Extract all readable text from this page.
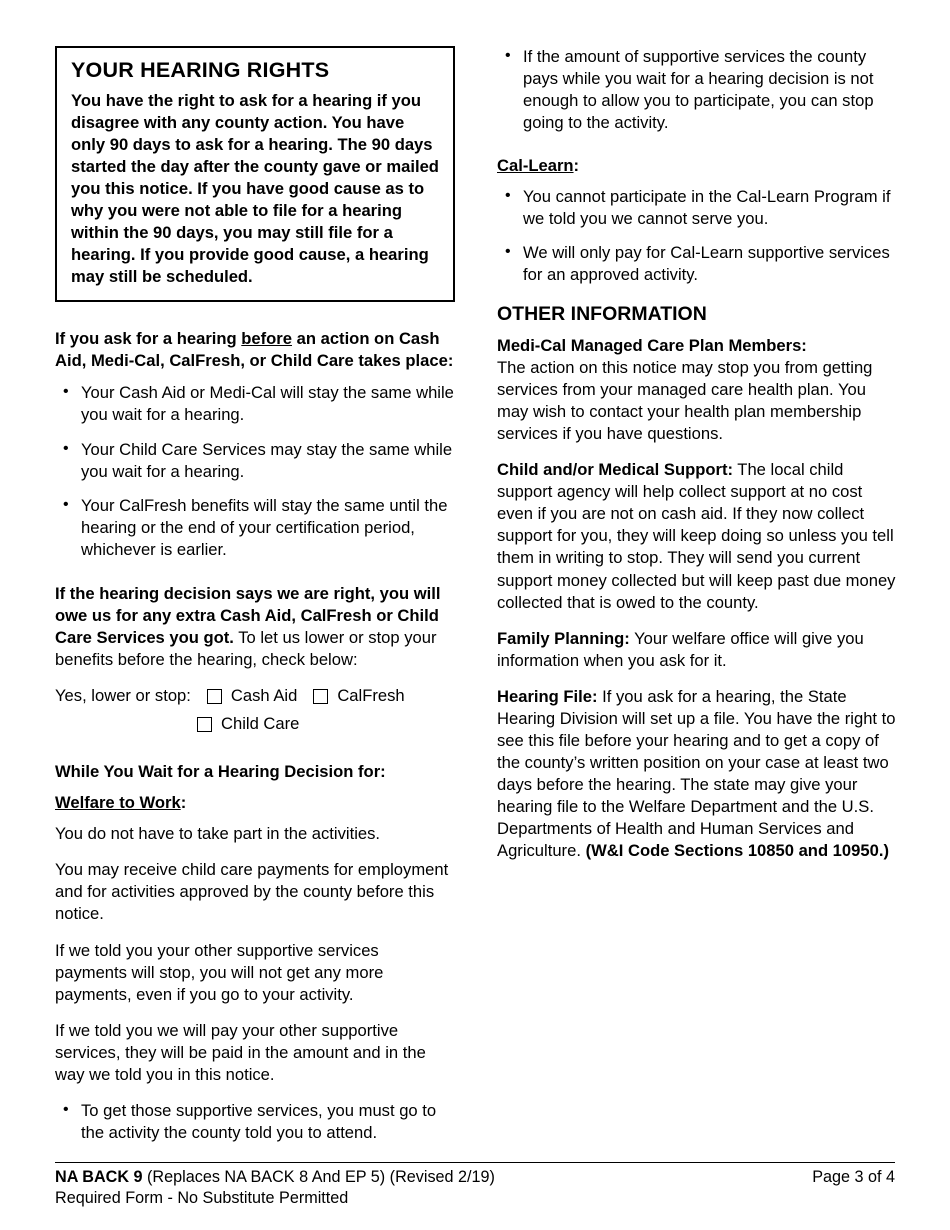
YOUR HEARING RIGHTS
You have the right to ask for a hearing if you disagree with any county action. You have only 90 days to ask for a hearing. The 90 days started the day after the county gave or mailed you this notice. If you have good cause as to why you were not able to file for a hearing within the 90 days, you may still file for a hearing. If you provide good cause, a hearing may still be scheduled.
If you ask for a hearing before an action on Cash Aid, Medi-Cal, CalFresh, or Child Care takes place:
• Your Cash Aid or Medi-Cal will stay the same while you wait for a hearing.
• Your Child Care Services may stay the same while you wait for a hearing.
• Your CalFresh benefits will stay the same until the hearing or the end of your certification period, whichever is earlier.

If the hearing decision says we are right, you will owe us for any extra Cash Aid, CalFresh or Child Care Services you got. To let us lower or stop your benefits before the hearing, check below:

Yes, lower or stop: Cash Aid CalFresh
Child Care
While You Wait for a Hearing Decision for:
Welfare to Work:

You do not have to take part in the activities.

You may receive child care payments for employment and for activities approved by the county before this notice.

If we told you your other supportive services payments will stop, you will not get any more payments, even if you go to your activity.

If we told you we will pay your other supportive services, they will be paid in the amount and in the way we told you in this notice.

• To get those supportive services, you must go to the activity the county told you to attend.
• If the amount of supportive services the county pays while you wait for a hearing decision is not enough to allow you to participate, you can stop going to the activity.
Cal-Learn:
• You cannot participate in the Cal-Learn Program if we told you we cannot serve you.
• We will only pay for Cal-Learn supportive services for an approved activity.
OTHER INFORMATION

Medi-Cal Managed Care Plan Members:
The action on this notice may stop you from getting services from your managed care health plan. You may wish to contact your health plan membership services if you have questions.

Child and/or Medical Support: The local child support agency will help collect support at no cost even if you are not on cash aid. If they now collect support for you, they will keep doing so unless you tell them in writing to stop. They will send you current support money collected but will keep past due money collected that is owed to the county.

Family Planning: Your welfare office will give you information when you ask for it.

Hearing File: If you ask for a hearing, the State Hearing Division will set up a file. You have the right to see this file before your hearing and to get a copy of the county’s written position on your case at least two days before the hearing. The state may give your hearing file to the Welfare Department and the U.S. Departments of Health and Human Services and Agriculture. (W&I Code Sections 10850 and 10950.)

NA BACK 9 (Replaces NA BACK 8 And EP 5) (Revised 2/19)	Page 3 of 4
Required Form - No Substitute Permitted
